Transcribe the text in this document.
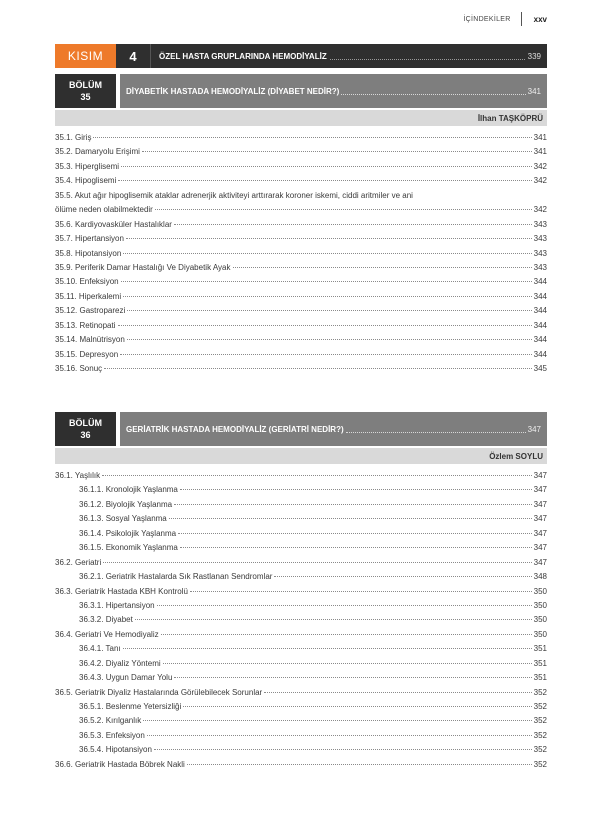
İÇİNDEKİLER	xxv
KISIM	4	ÖZEL HASTA GRUPLARINDA HEMODİYALİZ	339
BÖLÜM
35
DİYABETİK HASTADA HEMODİYALİZ (DİYABET NEDİR?)	341
İlhan TAŞKÖPRÜ
35.1. Giriş	341
35.2. Damaryolu Erişimi	341
35.3. Hiperglisemi	342
35.4. Hipoglisemi	342
35.5. Akut ağır hipoglisemik ataklar adrenerjik aktiviteyi arttırarak koroner iskemi, ciddi aritmiler ve ani
ölüme neden olabilmektedir	342
35.6. Kardiyovasküler Hastalıklar	343
35.7. Hipertansiyon	343
35.8. Hipotansiyon	343
35.9. Periferik Damar Hastalığı Ve Diyabetik Ayak	343
35.10. Enfeksiyon	344
35.11. Hiperkalemi	344
35.12. Gastroparezi	344
35.13. Retinopati	344
35.14. Malnütrisyon	344
35.15. Depresyon	344
35.16. Sonuç	345
BÖLÜM
36
GERİATRİK HASTADA HEMODİYALİZ (GERİATRİ NEDİR?)	347
Özlem SOYLU
36.1. Yaşlılık	347
36.1.1. Kronolojik Yaşlanma	347
36.1.2. Biyolojik Yaşlanma	347
36.1.3. Sosyal Yaşlanma	347
36.1.4. Psikolojik Yaşlanma	347
36.1.5. Ekonomik Yaşlanma	347
36.2. Geriatri	347
36.2.1. Geriatrik Hastalarda Sık Rastlanan Sendromlar	348
36.3. Geriatrik Hastada KBH Kontrolü	350
36.3.1. Hipertansiyon	350
36.3.2. Diyabet	350
36.4. Geriatri Ve Hemodiyaliz	350
36.4.1. Tanı	351
36.4.2. Diyaliz Yöntemi	351
36.4.3. Uygun Damar Yolu	351
36.5. Geriatrik Diyaliz Hastalarında Görülebilecek Sorunlar	352
36.5.1. Beslenme Yetersizliği	352
36.5.2. Kırılganlık	352
36.5.3. Enfeksiyon	352
36.5.4. Hipotansiyon	352
36.6. Geriatrik Hastada Böbrek Nakli	352
